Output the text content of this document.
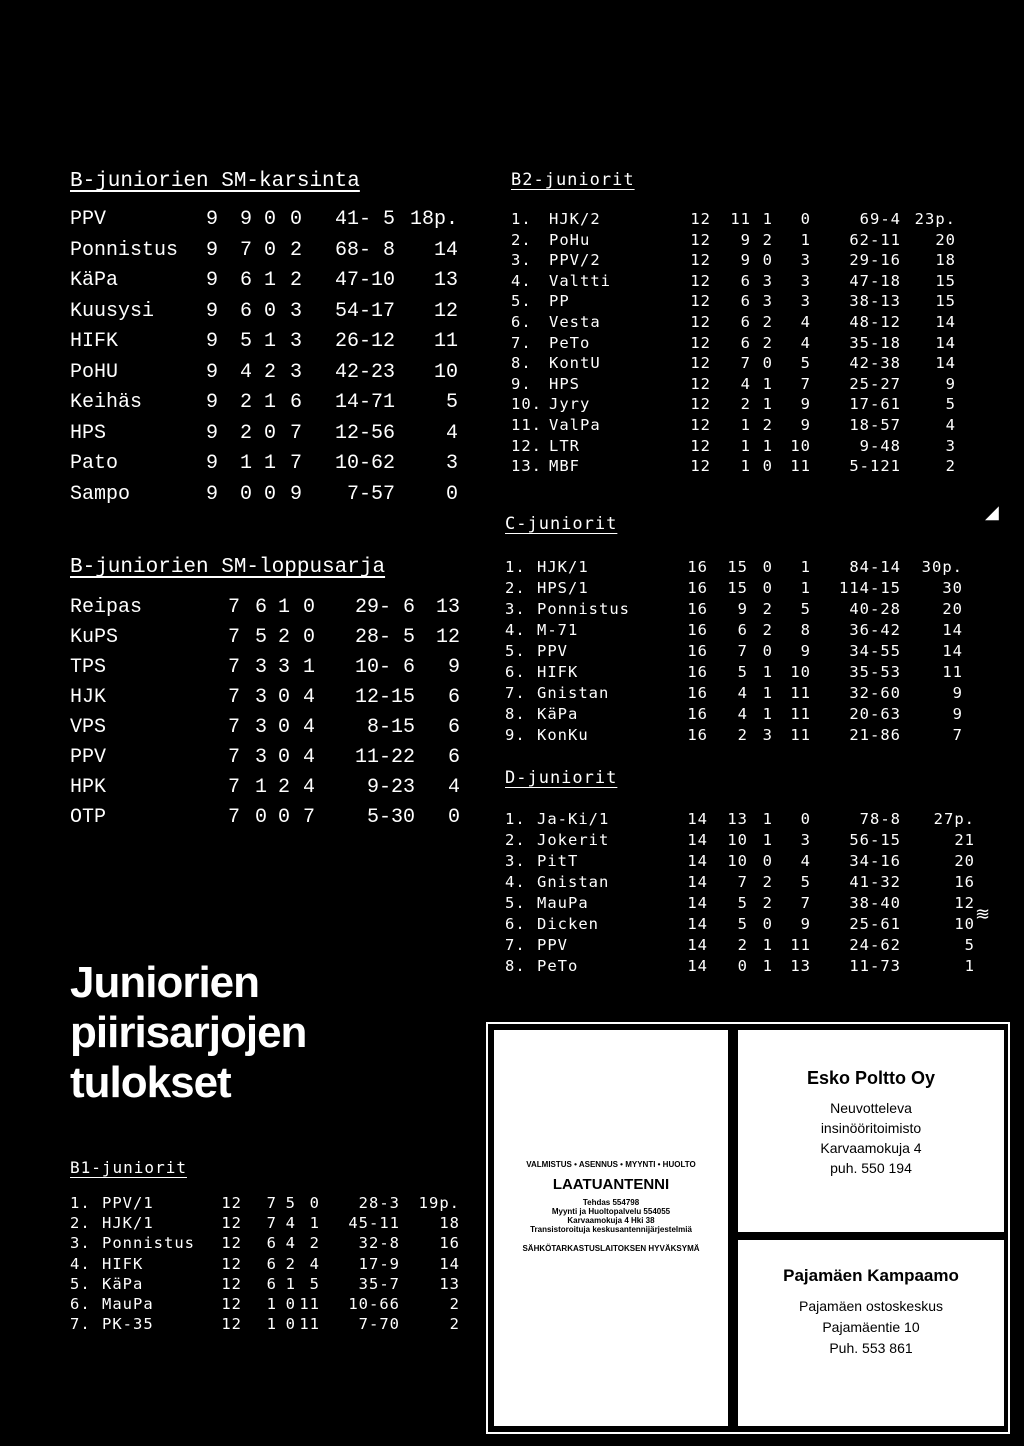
B-juniorien SM-karsinta
PPV	9	9 0 0	41- 5 18p.
Ponnistus	9	7 0 2	68- 8	14
KäPa	9	6 1 2	47-10	13
Kuusysi	9	6 0 3	54-17	12
HIFK	9	5 1 3	26-12	11
PoHU	9	4 2 3	42-23	10
Keihäs	9	2 1 6	14-71	5
HPS	9	2 0 7	12-56	4
Pato	9	1 1 7	10-62	3
Sampo	9	0 0 9	7-57	0
B-juniorien SM-loppusarja
Reipas	7 6 1 0	29- 6	13
KuPS	7 5 2 0	28- 5	12
TPS	7 3 3 1	10- 6	9
HJK	7 3 0 4	12-15	6
VPS	7 3 0 4	8-15	6
PPV	7 3 0 4	11-22	6
HPK	7 1 2 4	9-23	4
OTP	7 0 0 7	5-30	0
Juniorien
piirisarjojen
tulokset
B1-juniorit
1. PPV/1	12	7 5 0	28-3	19p.
2. HJK/1	12	7 4 1	45-11	18
3. Ponnistus	12	6 4 2	32-8	16
4. HIFK	12	6 2 4	17-9	14
5. KäPa	12	6 1 5	35-7	13
6. MauPa	12	1 0 11	10-66	2
7. PK-35	12	1 0 11	7-70	2
B2-juniorit
1.	HJK/2	12	11 1	0	69-4 23p.
2.	PoHu	12	9 2	1	62-11	20
3.	PPV/2	12	9 0	3	29-16	18
4.	Valtti	12	6 3	3	47-18	15
5.	PP	12	6 3	3	38-13	15
6.	Vesta	12	6 2	4	48-12	14
7.	PeTo	12	6 2	4	35-18	14
8.	KontU	12	7 0	5	42-38	14
9.	HPS	12	4 1	7	25-27	9
10. Jyry	12	2 1	9	17-61	5
11. ValPa	12	1 2	9	18-57	4
12. LTR	12	1 1	10	9-48	3
13. MBF	12	1 0	11	5-121	2
C-juniorit
1. HJK/1	16	15 0	1	84-14	30p.
2. HPS/1	16	15 0	1	114-15	30
3. Ponnistus	16	9 2	5	40-28	20
4. M-71	16	6 2	8	36-42	14
5. PPV	16	7 0	9	34-55	14
6. HIFK	16	5 1	10	35-53	11
7. Gnistan	16	4 1	11	32-60	9
8. KäPa	16	4 1	11	20-63	9
9. KonKu	16	2 3	11	21-86	7
D-juniorit
1. Ja-Ki/1	14	13 1	0	78-8	27p.
2. Jokerit	14	10 1	3	56-15	21
3. PitT	14	10 0	4	34-16	20
4. Gnistan	14	7 2	5	41-32	16
5. MauPa	14	5 2	7	38-40	12
6. Dicken	14	5 0	9	25-61	10
7. PPV	14	2 1	11	24-62	5
8. PeTo	14	0 1	13	11-73	1
◢
≋
VALMISTUS • ASENNUS • MYYNTI • HUOLTO
LAATUANTENNI
Tehdas 554798
Myynti ja Huoltopalvelu 554055
Karvaamokuja 4 Hki 38
Transistoroituja keskusantennijärjestelmiä
SÄHKÖTARKASTUSLAITOKSEN HYVÄKSYMÄ
Esko Poltto Oy
Neuvotteleva
insinööritoimisto
Karvaamokuja 4
puh. 550 194
Pajamäen Kampaamo
Pajamäen ostoskeskus
Pajamäentie 10
Puh. 553 861
